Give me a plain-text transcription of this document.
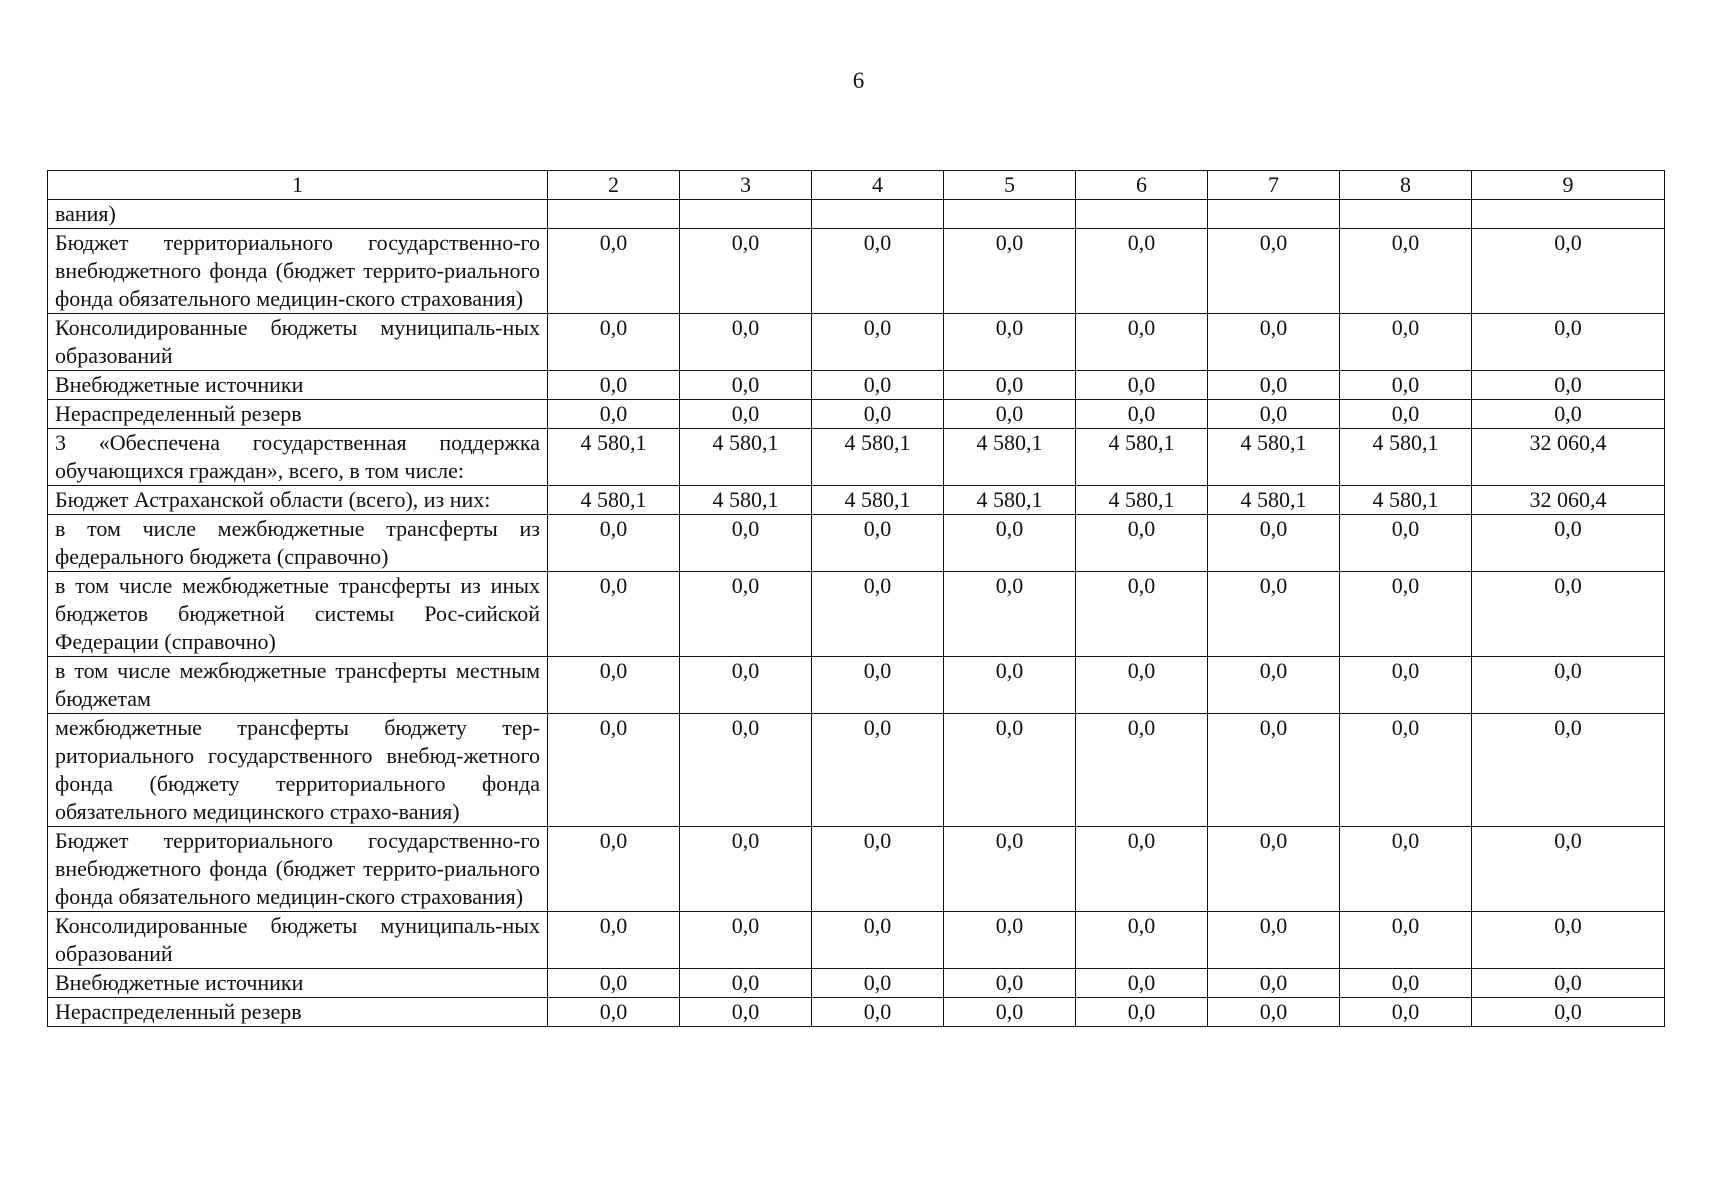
6
1	2	3	4	5	6	7	8	9
вания)								
Бюджет территориального государственно-го внебюджетного фонда (бюджет террито-риального фонда обязательного медицин-ского страхования)	0,0	0,0	0,0	0,0	0,0	0,0	0,0	0,0
Консолидированные бюджеты муниципаль-ных образований	0,0	0,0	0,0	0,0	0,0	0,0	0,0	0,0
Внебюджетные источники	0,0	0,0	0,0	0,0	0,0	0,0	0,0	0,0
Нераспределенный резерв	0,0	0,0	0,0	0,0	0,0	0,0	0,0	0,0
3 «Обеспечена государственная поддержка обучающихся граждан», всего, в том числе:	4 580,1	4 580,1	4 580,1	4 580,1	4 580,1	4 580,1	4 580,1	32 060,4
Бюджет Астраханской области (всего), из них:	4 580,1	4 580,1	4 580,1	4 580,1	4 580,1	4 580,1	4 580,1	32 060,4
в том числе межбюджетные трансферты из федерального бюджета (справочно)	0,0	0,0	0,0	0,0	0,0	0,0	0,0	0,0
в том числе межбюджетные трансферты из иных бюджетов бюджетной системы Рос-сийской Федерации (справочно)	0,0	0,0	0,0	0,0	0,0	0,0	0,0	0,0
в том числе межбюджетные трансферты местным бюджетам	0,0	0,0	0,0	0,0	0,0	0,0	0,0	0,0
межбюджетные трансферты бюджету тер-риториального государственного внебюд-жетного фонда (бюджету территориального фонда обязательного медицинского страхо-вания)	0,0	0,0	0,0	0,0	0,0	0,0	0,0	0,0
Бюджет территориального государственно-го внебюджетного фонда (бюджет террито-риального фонда обязательного медицин-ского страхования)	0,0	0,0	0,0	0,0	0,0	0,0	0,0	0,0
Консолидированные бюджеты муниципаль-ных образований	0,0	0,0	0,0	0,0	0,0	0,0	0,0	0,0
Внебюджетные источники	0,0	0,0	0,0	0,0	0,0	0,0	0,0	0,0
Нераспределенный резерв	0,0	0,0	0,0	0,0	0,0	0,0	0,0	0,0
